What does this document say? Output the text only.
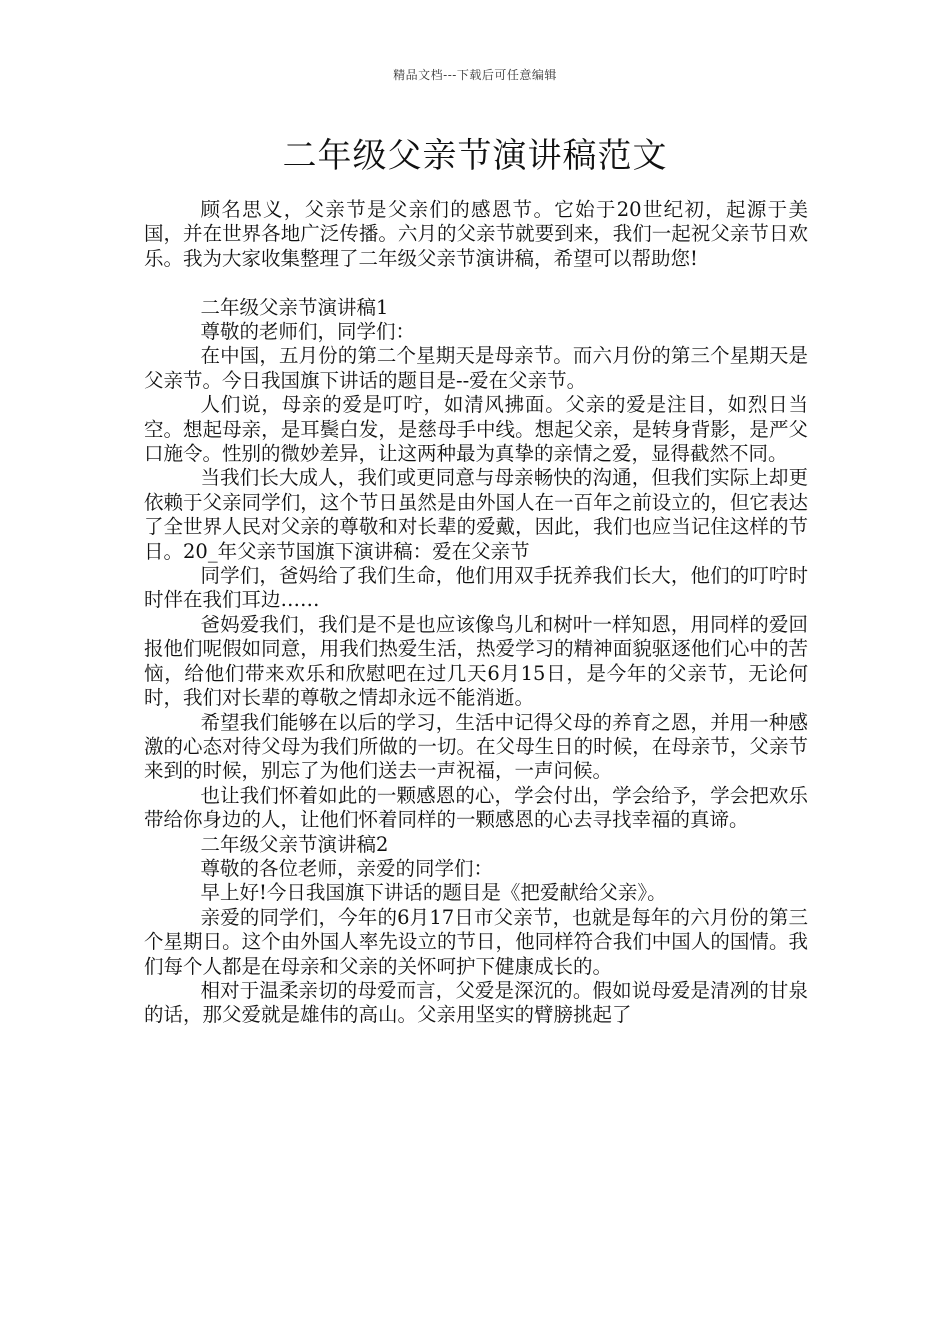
精品文档---下载后可任意编辑
二年级父亲节演讲稿范文

顾名思义，父亲节是父亲们的感恩节。它始于20世纪初，起源于美国，并在世界各地广泛传播。六月的父亲节就要到来，我们一起祝父亲节日欢乐。我为大家收集整理了二年级父亲节演讲稿，希望可以帮助您!

二年级父亲节演讲稿1

尊敬的老师们，同学们：

在中国，五月份的第二个星期天是母亲节。而六月份的第三个星期天是父亲节。今日我国旗下讲话的题目是--爱在父亲节。

人们说，母亲的爱是叮咛，如清风拂面。父亲的爱是注目，如烈日当空。想起母亲，是耳鬓白发，是慈母手中线。想起父亲，是转身背影，是严父口施令。性别的微妙差异，让这两种最为真挚的亲情之爱，显得截然不同。

当我们长大成人，我们或更同意与母亲畅快的沟通，但我们实际上却更依赖于父亲同学们，这个节日虽然是由外国人在一百年之前设立的，但它表达了全世界人民对父亲的尊敬和对长辈的爱戴，因此，我们也应当记住这样的节日。20_年父亲节国旗下演讲稿：爱在父亲节

同学们，爸妈给了我们生命，他们用双手抚养我们长大，他们的叮咛时时伴在我们耳边……

爸妈爱我们，我们是不是也应该像鸟儿和树叶一样知恩，用同样的爱回报他们呢假如同意，用我们热爱生活，热爱学习的精神面貌驱逐他们心中的苦恼，给他们带来欢乐和欣慰吧在过几天6月15日，是今年的父亲节，无论何时，我们对长辈的尊敬之情却永远不能消逝。

希望我们能够在以后的学习，生活中记得父母的养育之恩，并用一种感激的心态对待父母为我们所做的一切。在父母生日的时候，在母亲节，父亲节来到的时候，别忘了为他们送去一声祝福，一声问候。

也让我们怀着如此的一颗感恩的心，学会付出，学会给予，学会把欢乐带给你身边的人，让他们怀着同样的一颗感恩的心去寻找幸福的真谛。

二年级父亲节演讲稿2

尊敬的各位老师，亲爱的同学们：

早上好!今日我国旗下讲话的题目是《把爱献给父亲》。

亲爱的同学们，今年的6月17日市父亲节，也就是每年的六月份的第三个星期日。这个由外国人率先设立的节日，他同样符合我们中国人的国情。我们每个人都是在母亲和父亲的关怀呵护下健康成长的。

相对于温柔亲切的母爱而言，父爱是深沉的。假如说母爱是清冽的甘泉的话，那父爱就是雄伟的高山。父亲用坚实的臂膀挑起了
